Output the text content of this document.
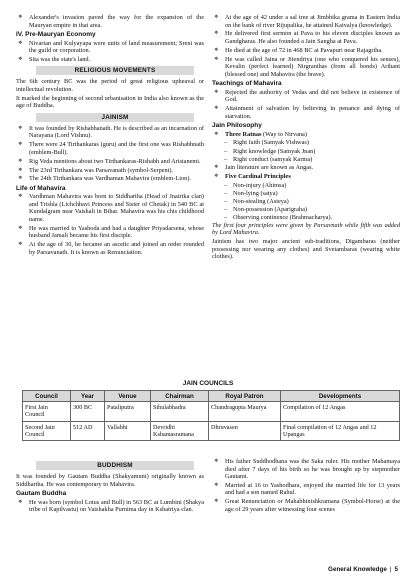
❖	Alexander's invasion paved the way for the expansion of the Mauryan empire in that area.
IV. Pre-Mauryan Economy
❖	Nivartan and Kulyayapa were units of land measurement; Sreni was the guild or corporation.
❖	Sita was the state's land.
RELIGIOUS MOVEMENTS
The 6th century BC was the period of great religious upheaval or intellectual revolution.
It marked the beginning of second urbanisation in India also known as the age of Buddha.
JAINISM
❖	It was founded by Rishabhanath. He is described as an incarnation of Narayana (Lord Vishnu).
❖	There were 24 Tirthankaras (guru) and the first one was Rishabhnath (emblem-Bull).
❖	Rig Veda mentions about two Tirthankaras-Rishabh and Aristanemi.
❖	The 23rd Tirthankara was Parsavanath (symbol-Serpent).
❖	The 24th Tirthankara was Vardhaman Mahavira (emblem-Lion).
Life of Mahavira
❖	Vardhman Mahavira was born to Siddhartha (Head of Jnatrika clan) and Trishla (Lichchhavi Princess and Sister of Chetak) in 540 BC at Kundalgram near Vaishali in Bihar. Mahavira was his chis childhood name.
❖	He was married to Yashoda and had a daughter Priyadarsena, whose husband Jamali became his first disciple.
❖	At the age of 30, he became an ascetic and joined an order rounded by Parsavanath. It is known as Renunciation.
❖	At the age of 42 under a sal tree at Jimbhika grama in Eastern India on the bank of river Rijupalika, he attained Kaivalya (knowledge).
❖	He delivered first sermon at Pava to his eleven disciples known as Gandgharas. He also founded a Jain Sangha at Pava.
❖	He died at the age of 72 in 468 BC at Pavapuri near Rajagriha.
❖	He was called Jaina or Jitendriya (one who conquered his senses), Kevalin (perfect learned) Nirgranthas (from all bonds) Arihant (blessed one) and Mahavira (the brave).
Teachings of Mahavira
❖	Rejected the authority of Vedas and did not believe in existence of God.
❖	Attainment of salvation by believing in penance and dying of starvation.
Jain Philosophy
❖	Three Ratnas (Way to Nirvana)
– Right faith (Samyak Vishwas)
– Right knowledge (Samyak Jnan)
– Right conduct (samyak Karma)
❖	Jain literature are known as Angas.
❖	Five Cardinal Principles
– Non-injury (Ahimsa)
– Non-lying (satya)
– Non-stealing (Asteya)
– Non-possession (Aparigraha)
– Observing continence (Brahmacharya).
The first four principles were given by Parsavnath while fifth was added by Lord Mahavira.
Jainism has two major ancient sub-traditions, Digambaras (neither possessing nor wearing any clothes) and Svetambaras (wearing white clothes).
JAIN COUNCILS
Council	Year	Venue	Chairman	Royal Patron	Developments
First Jain Council	300 BC	Pataliputra	Sthulabhadra	Chandragupta Maurya	Compilation of 12 Angas
Second Jain Council	512 AD	Vallabhi	Devridhi Kshamasramana	Dhruvasen	Final compilation of 12 Angas and 12 Upangas
BUDDHISM
It was founded by Gautam Buddha (Shakyamuni) originally known as Siddhartha. He was contemporary to Mahavira.
Gautam Buddha
❖	He was born (symbol Lotus and Bull) in 563 BC at Lumbini (Shakya tribe of Kapilvastu) on Vaishakha Purnima day in Kshatriya clan.
❖	His father Suddhodhana was the Saka ruler. His mother Mahamaya died after 7 days of his birth so he was brought up by stepmother Gautami.
❖	Married at 16 to Yashodhara, enjoyed the married life for 13 years and had a son named Rahul.
❖	Great Renunciation or Mahabhinishkramana (Symbol-Horse) at the age of 29 years after witnessing four scenes
General Knowledge | 5
